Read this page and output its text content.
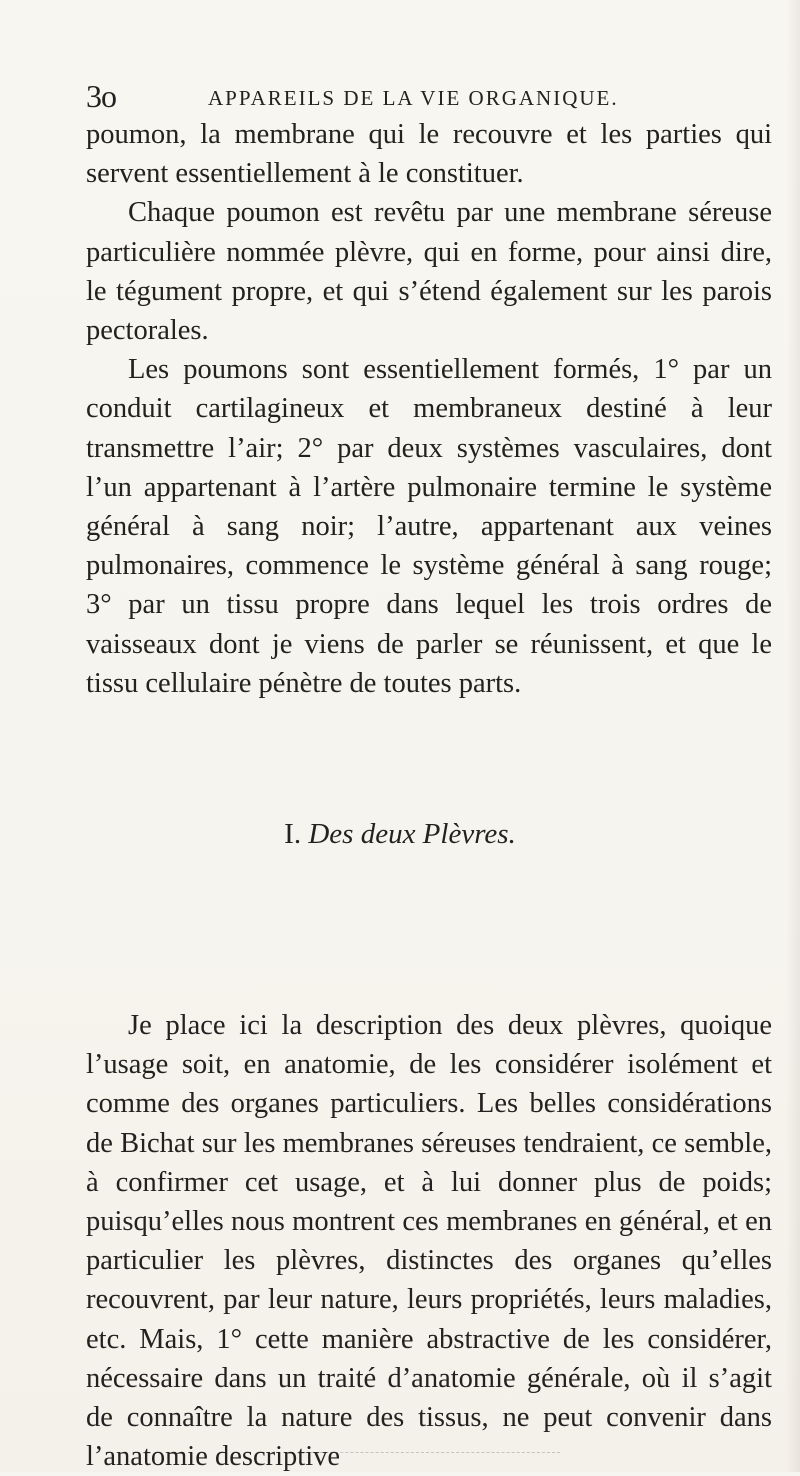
3o	APPAREILS DE LA VIE ORGANIQUE.

poumon, la membrane qui le recouvre et les parties qui servent essentiellement à le constituer.

Chaque poumon est revêtu par une membrane séreuse particulière nommée plèvre, qui en forme, pour ainsi dire, le tégument propre, et qui s’étend également sur les parois pectorales.

Les poumons sont essentiellement formés, 1° par un conduit cartilagineux et membraneux destiné à leur transmettre l’air; 2° par deux systèmes vasculaires, dont l’un appartenant à l’artère pulmonaire termine le système général à sang noir; l’autre, appartenant aux veines pulmonaires, commence le système général à sang rouge; 3° par un tissu propre dans lequel les trois ordres de vaisseaux dont je viens de parler se réunissent, et que le tissu cellulaire pénètre de toutes parts.

I. Des deux Plèvres.

Je place ici la description des deux plèvres, quoique l’usage soit, en anatomie, de les considérer isolément et comme des organes particuliers. Les belles considérations de Bichat sur les membranes séreuses tendraient, ce semble, à confirmer cet usage, et à lui donner plus de poids; puisqu’elles nous montrent ces membranes en général, et en particulier les plèvres, distinctes des organes qu’elles recouvrent, par leur nature, leurs propriétés, leurs maladies, etc. Mais, 1° cette manière abstractive de les considérer, nécessaire dans un traité d’anatomie générale, où il s’agit de connaître la nature des tissus, ne peut convenir dans l’anatomie descriptive
